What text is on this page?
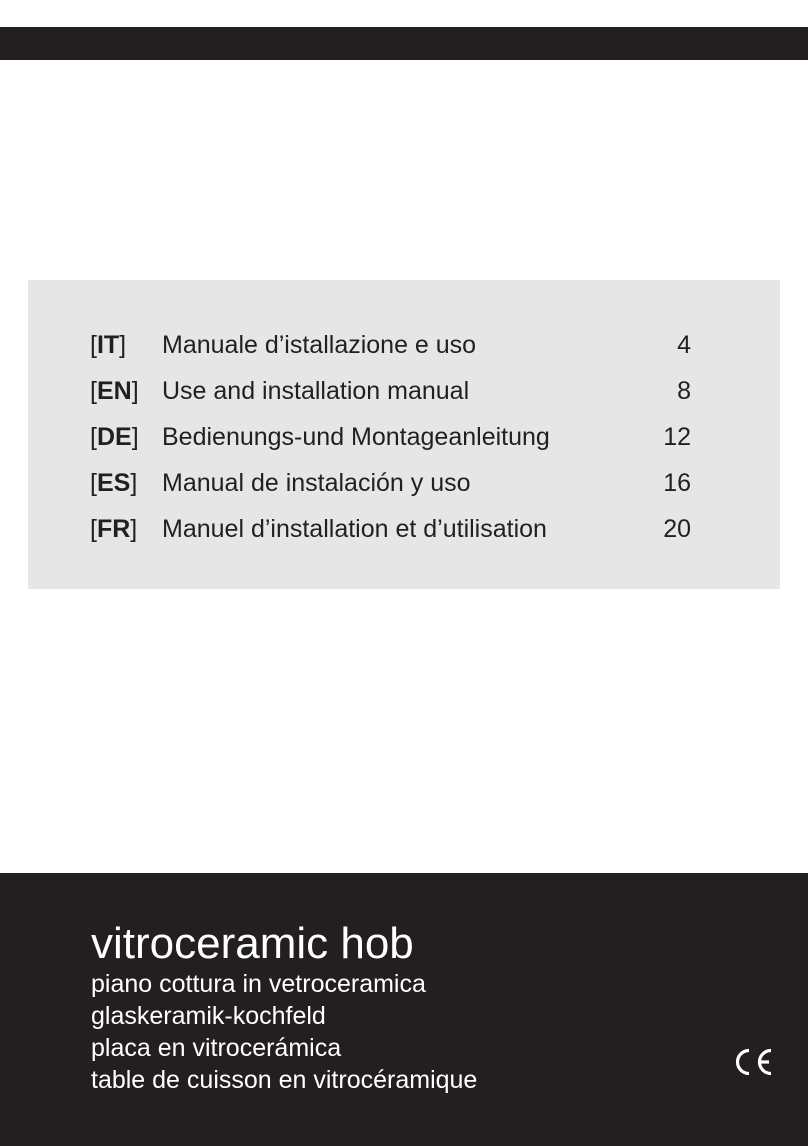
[IT] Manuale d’istallazione e uso	4
[EN] Use and installation manual	8
[DE] Bedienungs-und Montageanleitung	12
[ES] Manual de instalación y uso	16
[FR] Manuel d’installation et d’utilisation	20
vitroceramic hob
piano cottura in vetroceramica
glaskeramik-kochfeld
placa en vitrocerámica
table de cuisson en vitrocéramique
